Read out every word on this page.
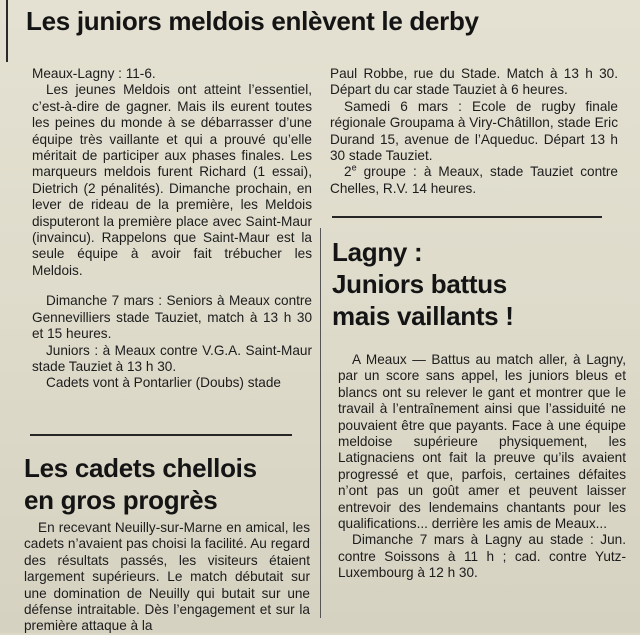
Les juniors meldois enlèvent le derby

Meaux-Lagny : 11-6.

Les jeunes Meldois ont atteint l’essentiel, c’est-à-dire de gagner. Mais ils eurent toutes les peines du monde à se débarrasser d’une équipe très vaillante et qui a prouvé qu’elle méritait de participer aux phases finales. Les marqueurs meldois furent Richard (1 essai), Dietrich (2 pénalités). Dimanche prochain, en lever de rideau de la première, les Meldois disputeront la première place avec Saint-Maur (invaincu). Rappelons que Saint-Maur est la seule équipe à avoir fait trébucher les Meldois.

Dimanche 7 mars : Seniors à Meaux contre Gennevilliers stade Tauziet, match à 13 h 30 et 15 heures.

Juniors : à Meaux contre V.G.A. Saint-Maur stade Tauziet à 13 h 30.

Cadets vont à Pontarlier (Doubs) stade

Les cadets chellois
en gros progrès

En recevant Neuilly-sur-Marne en amical, les cadets n’avaient pas choisi la facilité. Au regard des résultats passés, les visiteurs étaient largement supérieurs. Le match débutait sur une domination de Neuilly qui butait sur une défense intraitable. Dès l’engagement et sur la première attaque à la

Paul Robbe, rue du Stade. Match à 13 h 30. Départ du car stade Tauziet à 6 heures.

Samedi 6 mars : Ecole de rugby finale régionale Groupama à Viry-Châtillon, stade Eric Durand 15, avenue de l’Aqueduc. Départ 13 h 30 stade Tauziet.

2e groupe : à Meaux, stade Tauziet contre Chelles, R.V. 14 heures.

Lagny :
Juniors battus
mais vaillants !

A Meaux — Battus au match aller, à Lagny, par un score sans appel, les juniors bleus et blancs ont su relever le gant et montrer que le travail à l’entraînement ainsi que l’assiduité ne pouvaient être que payants. Face à une équipe meldoise supérieure physiquement, les Latignaciens ont fait la preuve qu’ils avaient progressé et que, parfois, certaines défaites n’ont pas un goût amer et peuvent laisser entrevoir des lendemains chantants pour les qualifications... derrière les amis de Meaux...

Dimanche 7 mars à Lagny au stade : Jun. contre Soissons à 11 h ; cad. contre Yutz-Luxembourg à 12 h 30.
